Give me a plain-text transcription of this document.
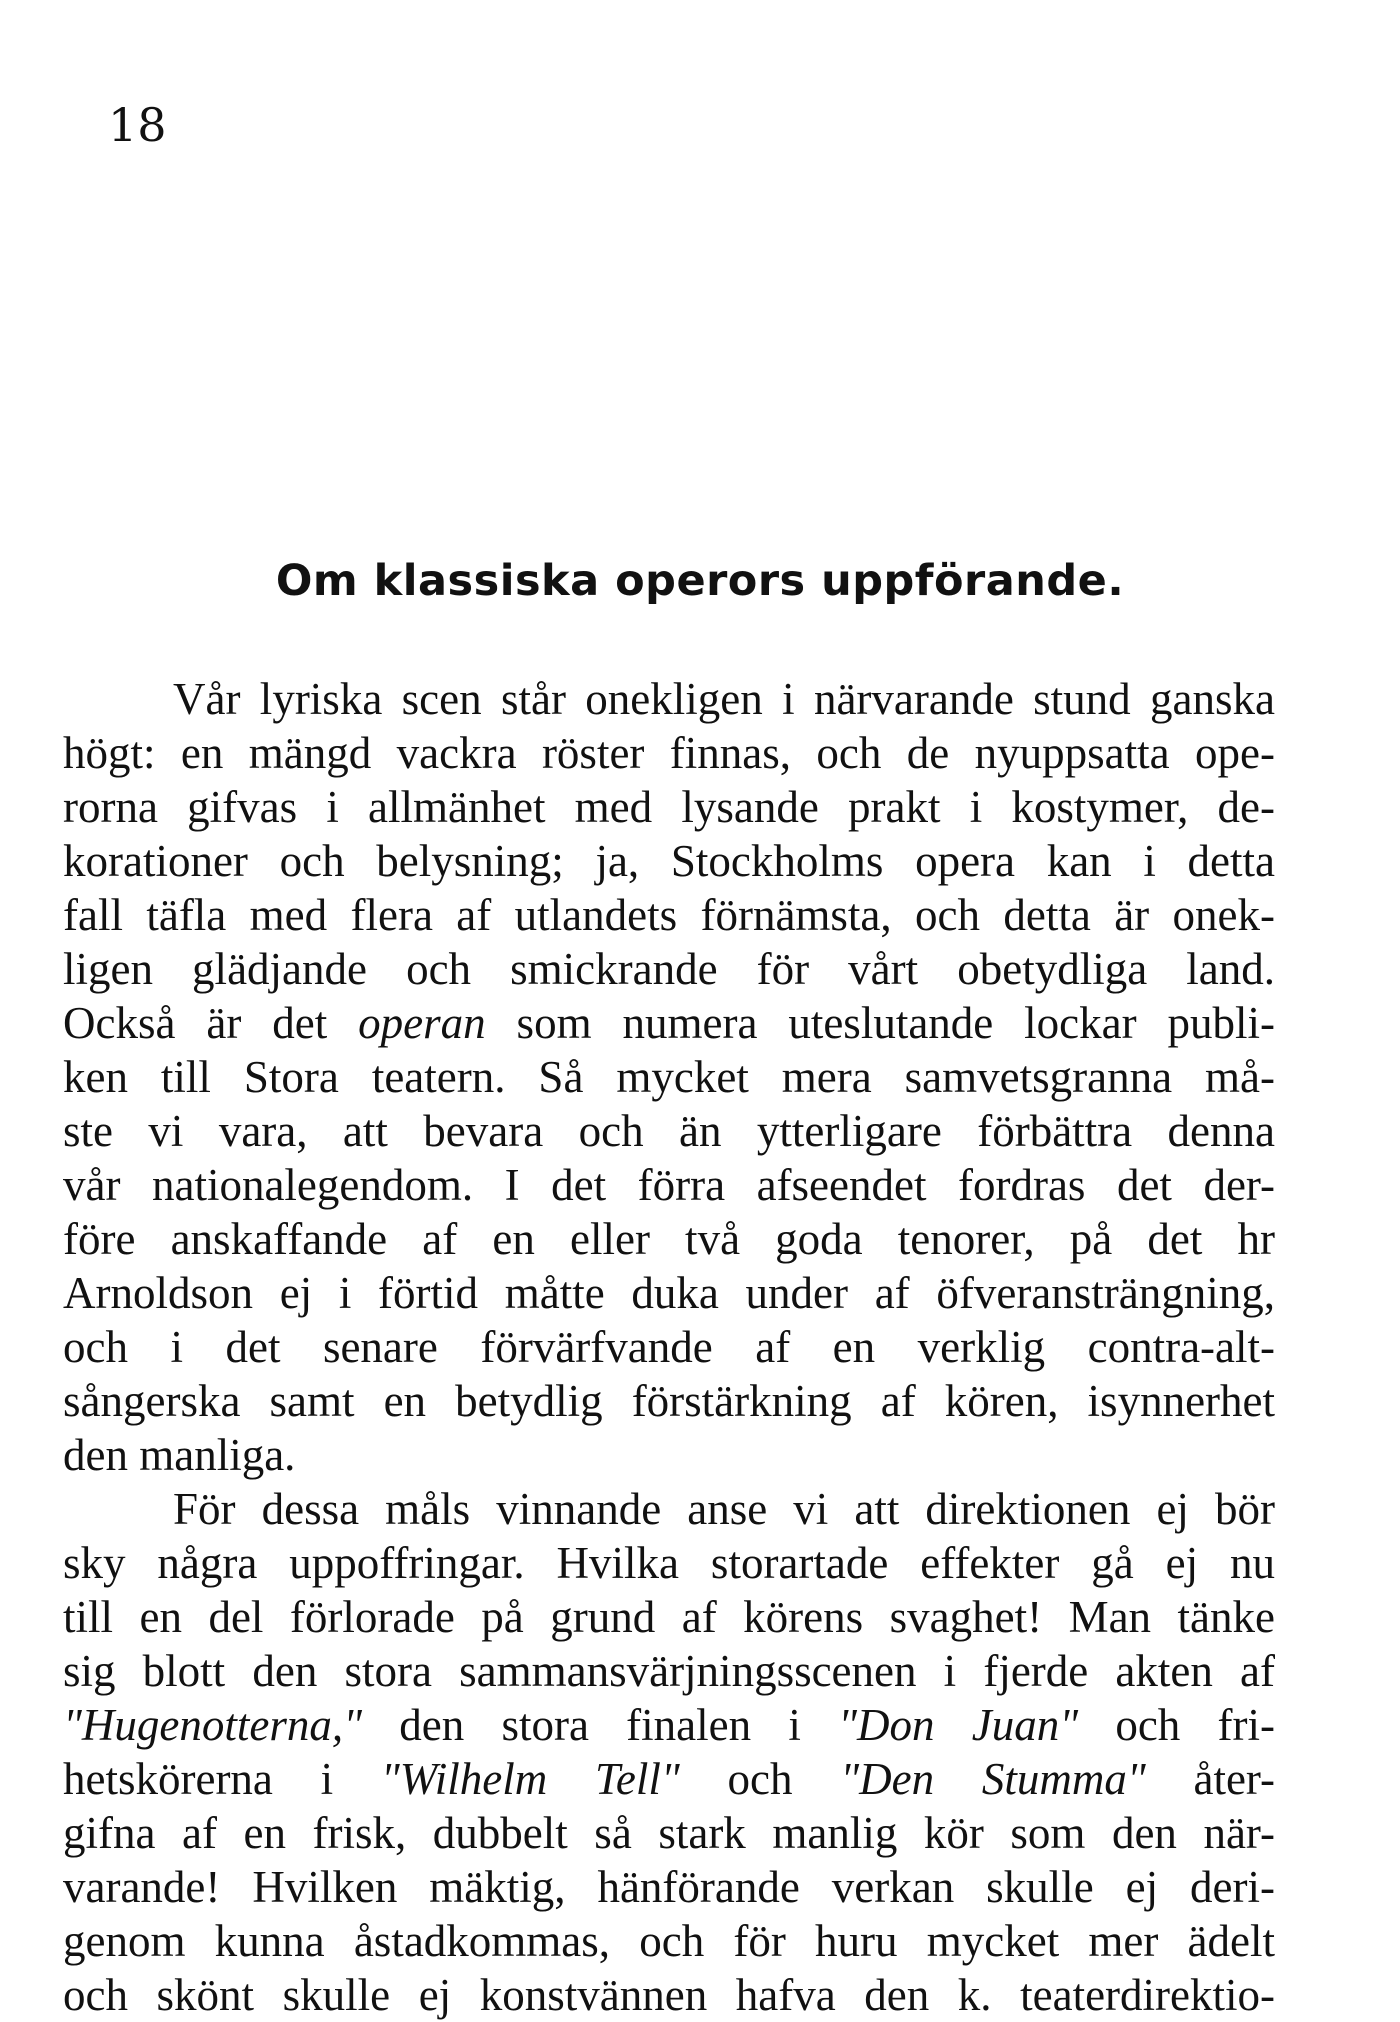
18
Om klassiska operors uppförande.
Vår lyriska scen står onekligen i närvarande stund ganska
högt: en mängd vackra röster finnas, och de nyuppsatta ope-
rorna gifvas i allmänhet med lysande prakt i kostymer, de-
korationer och belysning; ja, Stockholms opera kan i detta
fall täfla med flera af utlandets förnämsta, och detta är onek-
ligen glädjande och smickrande för vårt obetydliga land.
Också är det operan som numera uteslutande lockar publi-
ken till Stora teatern. Så mycket mera samvetsgranna må-
ste vi vara, att bevara och än ytterligare förbättra denna
vår nationalegendom. I det förra afseendet fordras det der-
före anskaffande af en eller två goda tenorer, på det hr
Arnoldson ej i förtid måtte duka under af öfveransträngning,
och i det senare förvärfvande af en verklig contra-alt-
sångerska samt en betydlig förstärkning af kören, isynnerhet
den manliga.
För dessa måls vinnande anse vi att direktionen ej bör
sky några uppoffringar. Hvilka storartade effekter gå ej nu
till en del förlorade på grund af körens svaghet! Man tänke
sig blott den stora sammansvärjningsscenen i fjerde akten af
"Hugenotterna," den stora finalen i "Don Juan" och fri-
hetskörerna i "Wilhelm Tell" och "Den Stumma" åter-
gifna af en frisk, dubbelt så stark manlig kör som den när-
varande! Hvilken mäktig, hänförande verkan skulle ej deri-
genom kunna åstadkommas, och för huru mycket mer ädelt
och skönt skulle ej konstvännen hafva den k. teaterdirektio-
